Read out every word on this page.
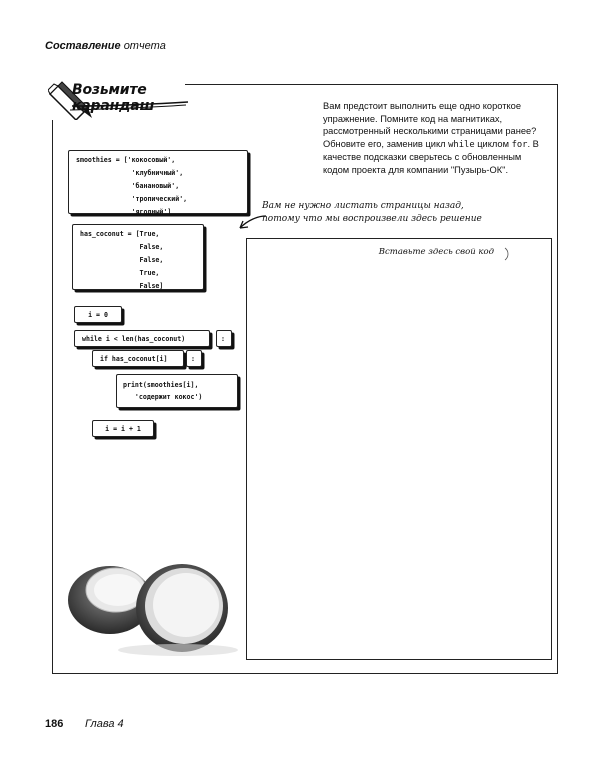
Составление отчета
Возьмите карандаш	Вам предстоит выполнить еще одно короткое упражнение. Помните код на магнитиках, рассмотренный несколькими страницами ранее? Обновите его, заменив цикл while циклом for. В качестве подсказки сверьтесь с обновленным кодом проекта для компании "Пузырь-ОК".
smoothies = ['кокосовый',
'клубничный',
'банановый',
'тропический',
'ягодный']
has_coconut = [True,
False,
False,
True,
False]
i = 0
while i < len(has_coconut)	:
if has_coconut[i]	:
print(smoothies[i],
'содержит кокос')
i = i + 1
Вам не нужно листать страницы назад,
потому что мы воспроизвели здесь решение
Вставьте здесь свой код
186 Глава 4
